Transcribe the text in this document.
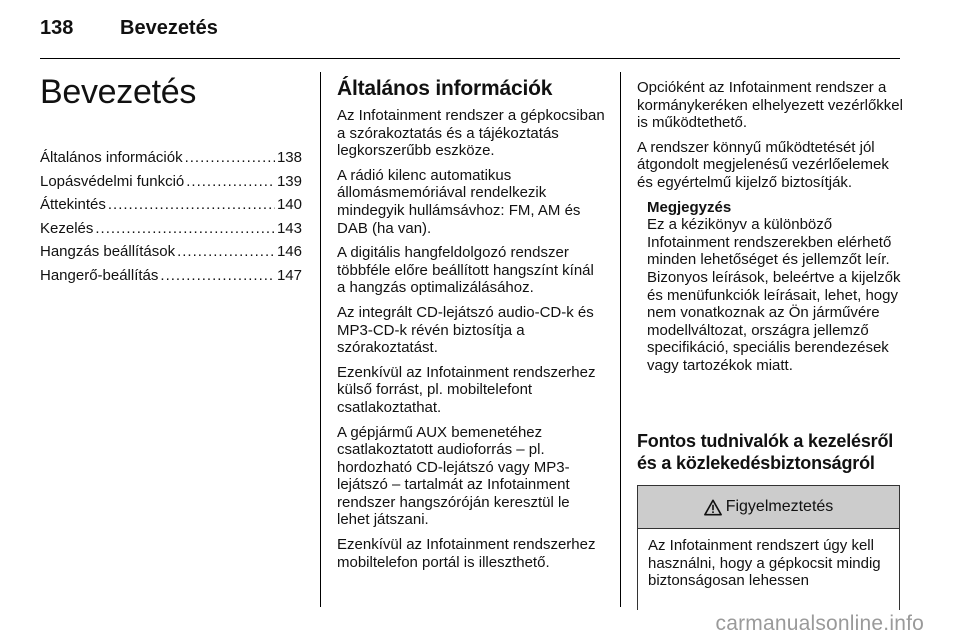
138 Bevezetés
Bevezetés
Általános információk .....	138
Lopásvédelmi funkció .....	139
Áttekintés .....	140
Kezelés .....	143
Hangzás beállítások .....	146
Hangerő-beállítás .....	147
Általános információk

Az Infotainment rendszer a gépkocsiban a szórakoztatás és a tájékoztatás legkorszerűbb eszköze.

A rádió kilenc automatikus állomásmemóriával rendelkezik mindegyik hullámsávhoz: FM, AM és DAB (ha van).

A digitális hangfeldolgozó rendszer többféle előre beállított hangszínt kínál a hangzás optimalizálásához.

Az integrált CD-lejátszó audio-CD-k és MP3-CD-k révén biztosítja a szórakoztatást.

Ezenkívül az Infotainment rendszerhez külső forrást, pl. mobiltelefont csatlakoztathat.

A gépjármű AUX bemenetéhez csatlakoztatott audioforrás – pl. hordozható CD-lejátszó vagy MP3-lejátszó – tartalmát az Infotainment rendszer hangszóróján keresztül le lehet játszani.

Ezenkívül az Infotainment rendszerhez mobiltelefon portál is illeszthető.

Opcióként az Infotainment rendszer a kormánykeréken elhelyezett vezérlőkkel is működtethető.

A rendszer könnyű működtetését jól átgondolt megjelenésű vezérlőelemek és egyértelmű kijelző biztosítják.

Megjegyzés

Ez a kézikönyv a különböző Infotainment rendszerekben elérhető minden lehetőséget és jellemzőt leír. Bizonyos leírások, beleértve a kijelzők és menüfunkciók leírásait, lehet, hogy nem vonatkoznak az Ön járművére modellváltozat, országra jellemző specifikáció, speciális berendezések vagy tartozékok miatt.

Fontos tudnivalók a kezelésről és a közlekedésbiztonságról
Figyelmeztetés
Az Infotainment rendszert úgy kell használni, hogy a gépkocsit mindig biztonságosan lehessen
carmanualsonline.info
